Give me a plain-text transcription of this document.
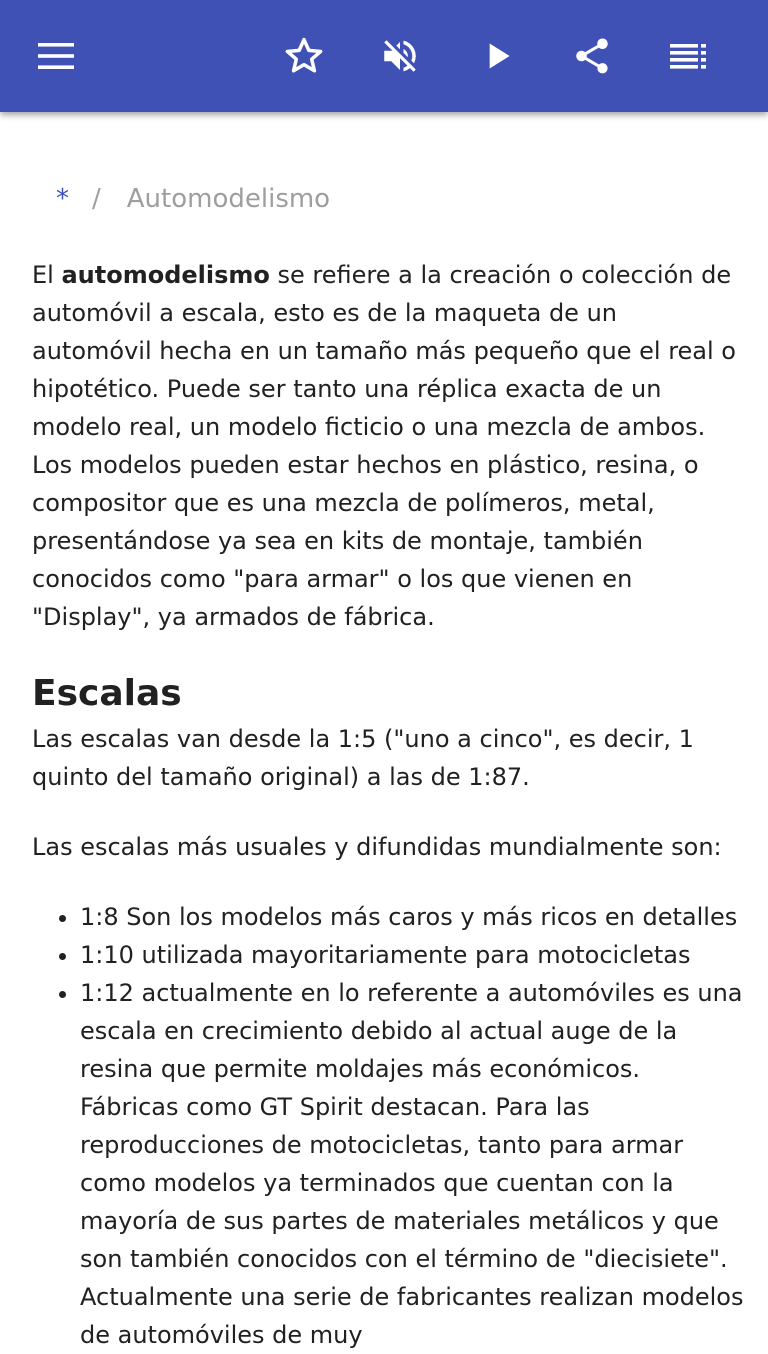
* / Automodelismo

El automodelismo se refiere a la creación o colección de automóvil a escala, esto es de la maqueta de un automóvil hecha en un tamaño más pequeño que el real o hipotético. Puede ser tanto una réplica exacta de un modelo real, un modelo ficticio o una mezcla de ambos. Los modelos pueden estar hechos en plástico, resina, o compositor que es una mezcla de polímeros, metal, presentándose ya sea en kits de montaje, también conocidos como "para armar" o los que vienen en "Display", ya armados de fábrica.

Escalas

Las escalas van desde la 1:5 ("uno a cinco", es decir, 1 quinto del tamaño original) a las de 1:87.

Las escalas más usuales y difundidas mundialmente son:

• 1:8 Son los modelos más caros y más ricos en detalles
• 1:10 utilizada mayoritariamente para motocicletas
• 1:12 actualmente en lo referente a automóviles es una escala en crecimiento debido al actual auge de la resina que permite moldajes más económicos. Fábricas como GT Spirit destacan. Para las reproducciones de motocicletas, tanto para armar como modelos ya terminados que cuentan con la mayoría de sus partes de materiales metálicos y que son también conocidos con el término de "diecisiete". Actualmente una serie de fabricantes realizan modelos de automóviles de muy
